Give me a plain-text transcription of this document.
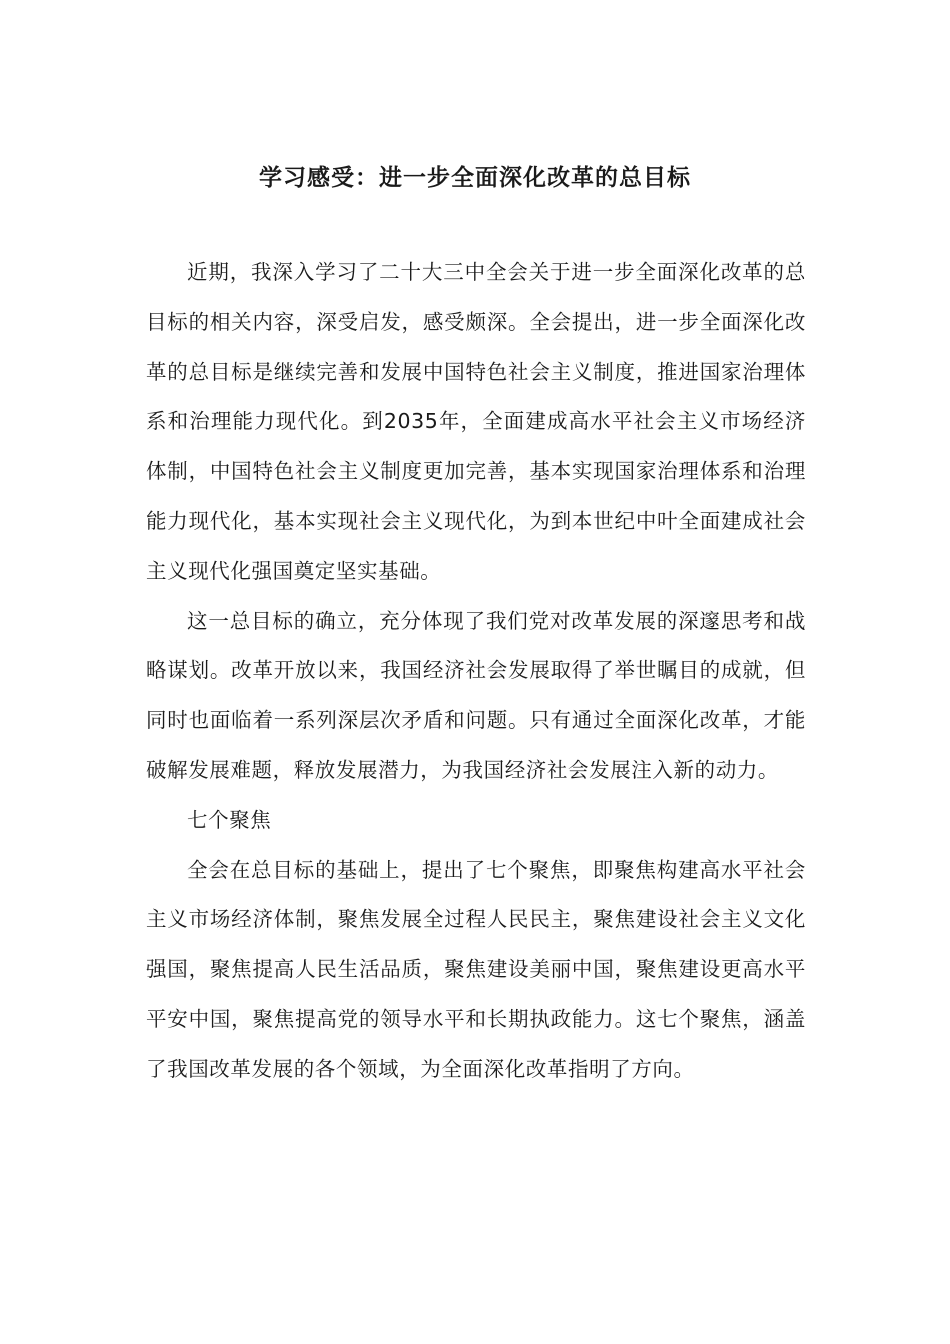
学习感受：进一步全面深化改革的总目标

近期，我深入学习了二十大三中全会关于进一步全面深化改革的总目标的相关内容，深受启发，感受颇深。全会提出，进一步全面深化改革的总目标是继续完善和发展中国特色社会主义制度，推进国家治理体系和治理能力现代化。到2035年，全面建成高水平社会主义市场经济体制，中国特色社会主义制度更加完善，基本实现国家治理体系和治理能力现代化，基本实现社会主义现代化，为到本世纪中叶全面建成社会主义现代化强国奠定坚实基础。

这一总目标的确立，充分体现了我们党对改革发展的深邃思考和战略谋划。改革开放以来，我国经济社会发展取得了举世瞩目的成就，但同时也面临着一系列深层次矛盾和问题。只有通过全面深化改革，才能破解发展难题，释放发展潜力，为我国经济社会发展注入新的动力。

七个聚焦

全会在总目标的基础上，提出了七个聚焦，即聚焦构建高水平社会主义市场经济体制，聚焦发展全过程人民民主，聚焦建设社会主义文化强国，聚焦提高人民生活品质，聚焦建设美丽中国，聚焦建设更高水平平安中国，聚焦提高党的领导水平和长期执政能力。这七个聚焦，涵盖了我国改革发展的各个领域，为全面深化改革指明了方向。
